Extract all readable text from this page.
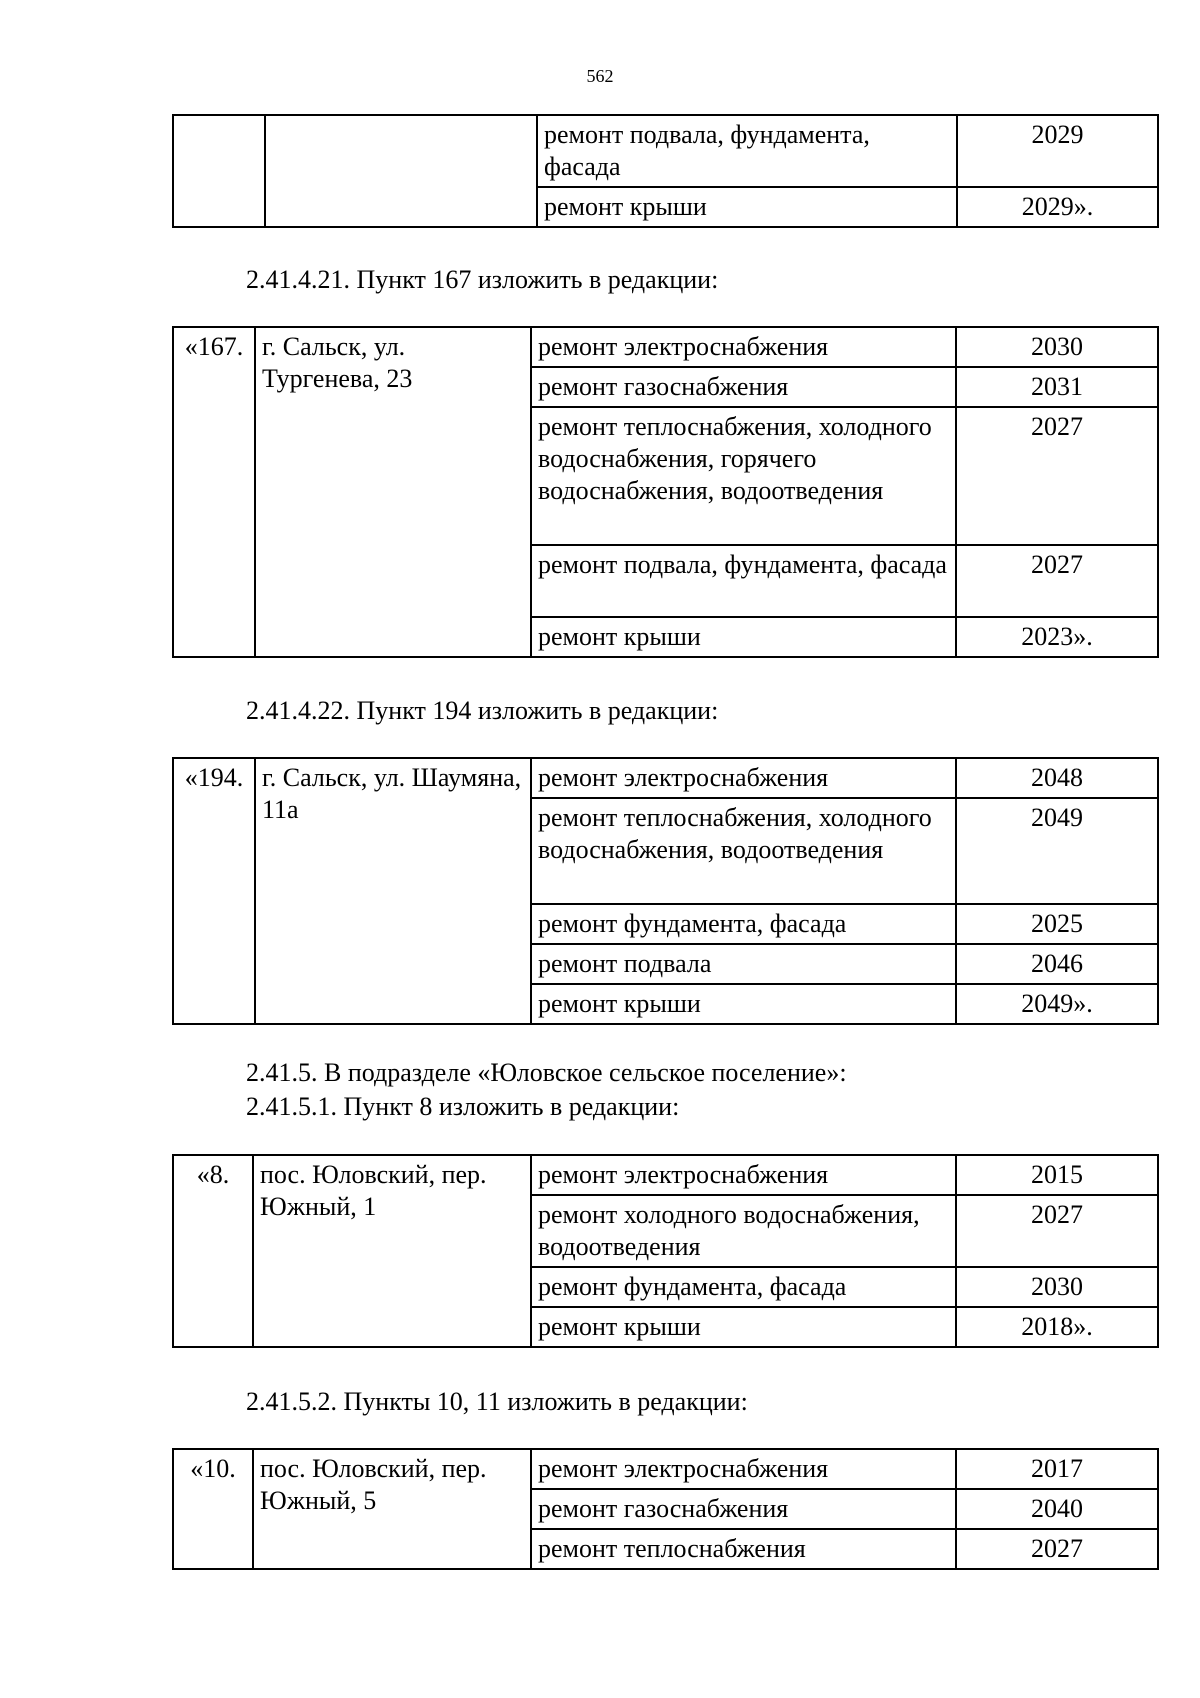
562
		ремонт подвала, фундамента, фасада	2029
		ремонт крыши	2029».

2.41.4.21. Пункт 167 изложить в редакции:

«167.	г. Сальск, ул. Тургенева, 23	ремонт электроснабжения	2030
		ремонт газоснабжения	2031
		ремонт теплоснабжения, холодного водоснабжения, горячего водоснабжения, водоотведения	2027
		ремонт подвала, фундамента, фасада	2027
		ремонт крыши	2023».

2.41.4.22. Пункт 194 изложить в редакции:

«194.	г. Сальск, ул. Шаумяна, 11а	ремонт электроснабжения	2048
		ремонт теплоснабжения, холодного водоснабжения, водоотведения	2049
		ремонт фундамента, фасада	2025
		ремонт подвала	2046
		ремонт крыши	2049».

2.41.5. В подразделе «Юловское сельское поселение»:

2.41.5.1. Пункт 8 изложить в редакции:

«8.	пос. Юловский, пер. Южный, 1	ремонт электроснабжения	2015
		ремонт холодного водоснабжения, водоотведения	2027
		ремонт фундамента, фасада	2030
		ремонт крыши	2018».

2.41.5.2. Пункты 10, 11 изложить в редакции:

«10.	пос. Юловский, пер. Южный, 5	ремонт электроснабжения	2017
		ремонт газоснабжения	2040
		ремонт теплоснабжения	2027
